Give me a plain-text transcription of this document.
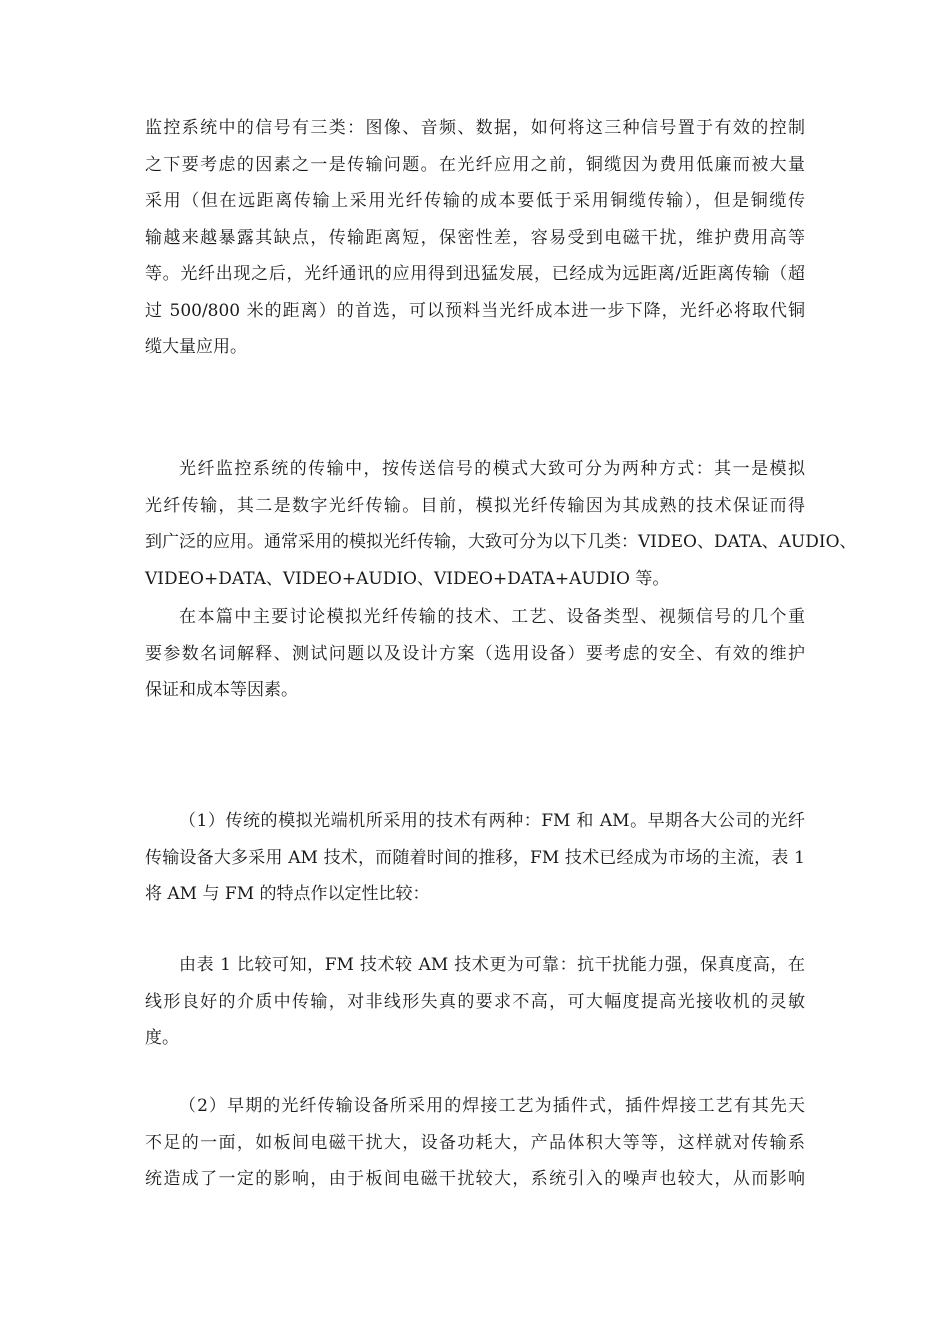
监控系统中的信号有三类：图像、音频、数据，如何将这三种信号置于有效的控制
之下要考虑的因素之一是传输问题。在光纤应用之前，铜缆因为费用低廉而被大量
采用（但在远距离传输上采用光纤传输的成本要低于采用铜缆传输），但是铜缆传
输越来越暴露其缺点，传输距离短，保密性差，容易受到电磁干扰，维护费用高等
等。光纤出现之后，光纤通讯的应用得到迅猛发展，已经成为远距离/近距离传输（超
过 500/800 米的距离）的首选，可以预料当光纤成本进一步下降，光纤必将取代铜
缆大量应用。
光纤监控系统的传输中，按传送信号的模式大致可分为两种方式：其一是模拟
光纤传输，其二是数字光纤传输。目前，模拟光纤传输因为其成熟的技术保证而得
到广泛的应用。通常采用的模拟光纤传输，大致可分为以下几类：VIDEO、DATA、AUDIO、
VIDEO+DATA、VIDEO+AUDIO、VIDEO+DATA+AUDIO 等。
在本篇中主要讨论模拟光纤传输的技术、工艺、设备类型、视频信号的几个重
要参数名词解释、测试问题以及设计方案（选用设备）要考虑的安全、有效的维护
保证和成本等因素。
（1）传统的模拟光端机所采用的技术有两种：FM 和 AM。早期各大公司的光纤
传输设备大多采用 AM 技术，而随着时间的推移，FM 技术已经成为市场的主流，表 1
将 AM 与 FM 的特点作以定性比较：
由表 1 比较可知，FM 技术较 AM 技术更为可靠：抗干扰能力强，保真度高，在
线形良好的介质中传输，对非线形失真的要求不高，可大幅度提高光接收机的灵敏
度。
（2）早期的光纤传输设备所采用的焊接工艺为插件式，插件焊接工艺有其先天
不足的一面，如板间电磁干扰大，设备功耗大，产品体积大等等，这样就对传输系
统造成了一定的影响，由于板间电磁干扰较大，系统引入的噪声也较大，从而影响
